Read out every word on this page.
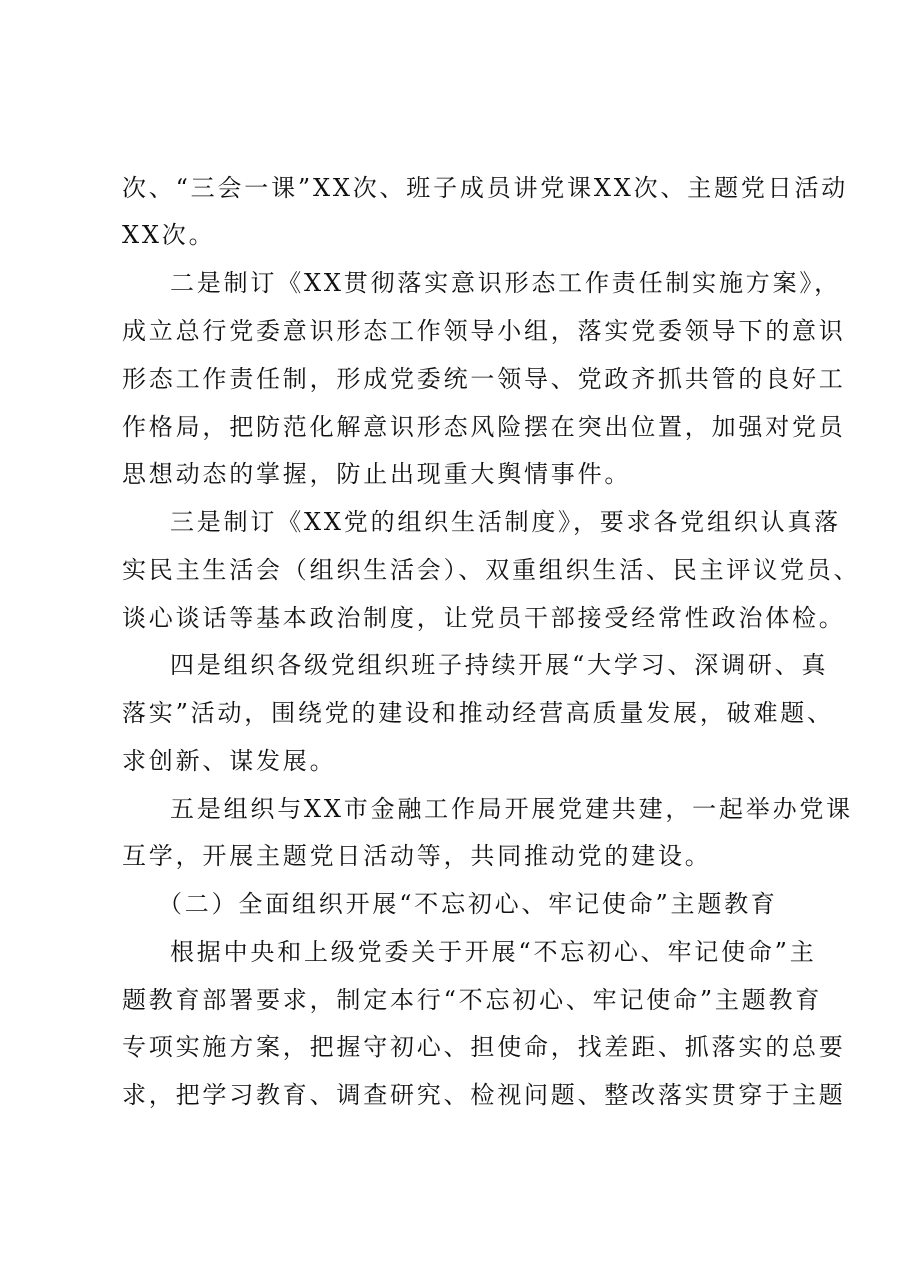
次、“三会一课”XX次、班子成员讲党课XX次、主题党日活动

XX次。

二是制订《XX贯彻落实意识形态工作责任制实施方案》，

成立总行党委意识形态工作领导小组，落实党委领导下的意识

形态工作责任制，形成党委统一领导、党政齐抓共管的良好工

作格局，把防范化解意识形态风险摆在突出位置，加强对党员

思想动态的掌握，防止出现重大舆情事件。

三是制订《XX党的组织生活制度》，要求各党组织认真落

实民主生活会（组织生活会）、双重组织生活、民主评议党员、

谈心谈话等基本政治制度，让党员干部接受经常性政治体检。

四是组织各级党组织班子持续开展“大学习、深调研、真

落实”活动，围绕党的建设和推动经营高质量发展，破难题、

求创新、谋发展。

五是组织与XX市金融工作局开展党建共建，一起举办党课

互学，开展主题党日活动等，共同推动党的建设。

（二）全面组织开展“不忘初心、牢记使命”主题教育

根据中央和上级党委关于开展“不忘初心、牢记使命”主

题教育部署要求，制定本行“不忘初心、牢记使命”主题教育

专项实施方案，把握守初心、担使命，找差距、抓落实的总要

求，把学习教育、调查研究、检视问题、整改落实贯穿于主题
